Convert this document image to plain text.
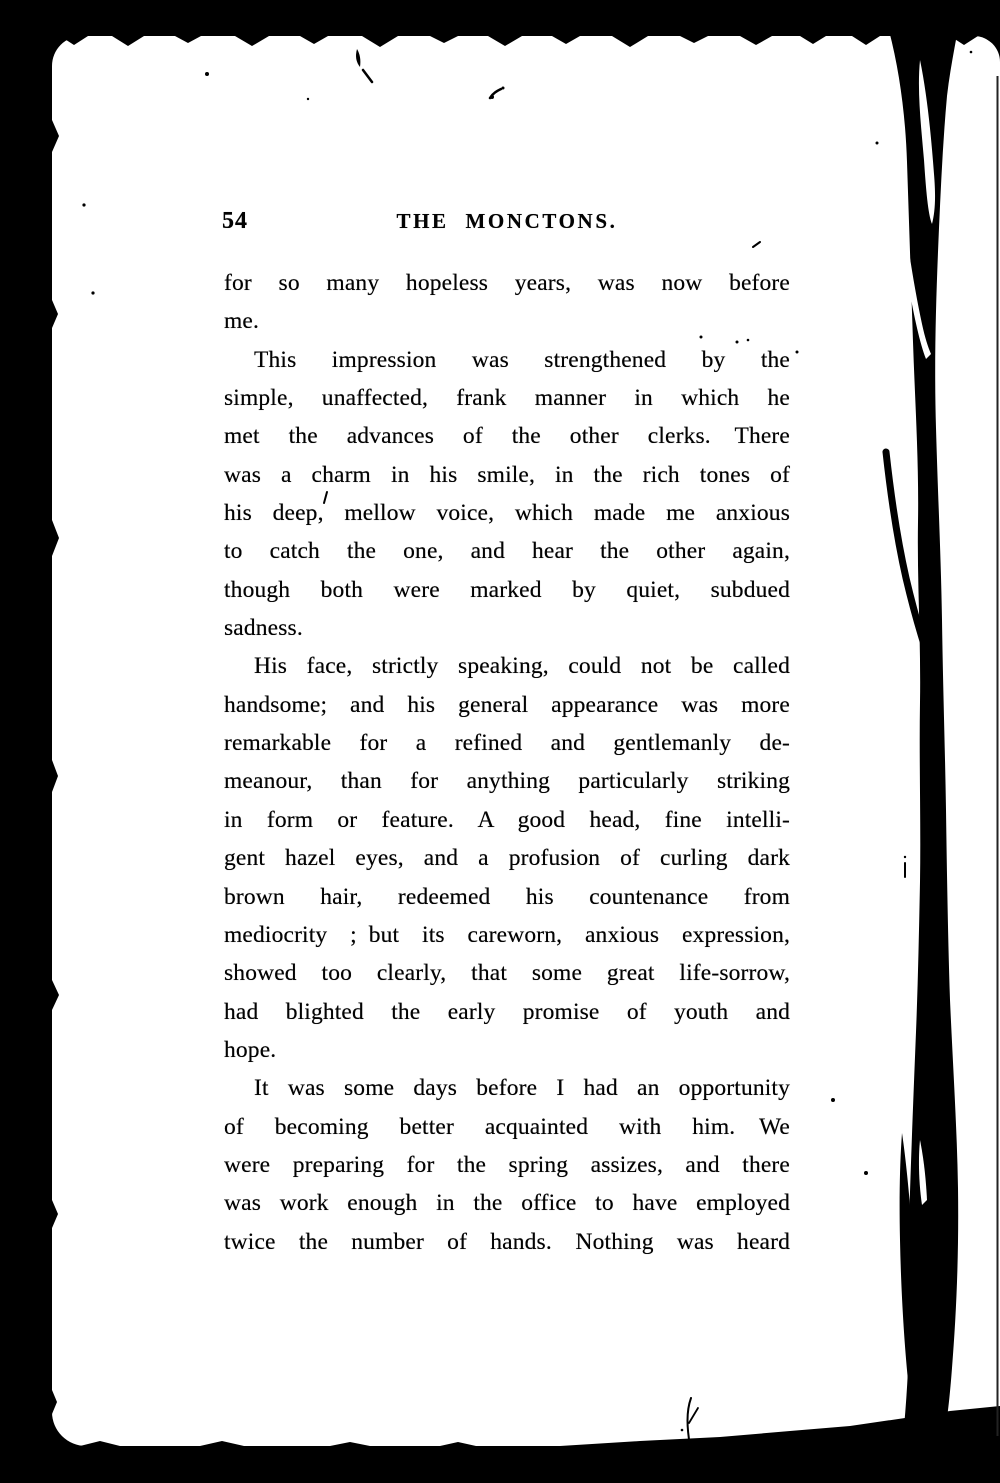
54	THE MONCTONS.
for so many hopeless years, was now before
me.
This impression was strengthened by the
simple, unaffected, frank manner in which he
met the advances of the other clerks. There
was a charm in his smile, in the rich tones of
his deep, mellow voice, which made me anxious
to catch the one, and hear the other again,
though both were marked by quiet, subdued
sadness.
His face, strictly speaking, could not be called
handsome; and his general appearance was more
remarkable for a refined and gentlemanly de-
meanour, than for anything particularly striking
in form or feature. A good head, fine intelli-
gent hazel eyes, and a profusion of curling dark
brown hair, redeemed his countenance from
mediocrity ; but its careworn, anxious expression,
showed too clearly, that some great life-sorrow,
had blighted the early promise of youth and
hope.
It was some days before I had an opportunity
of becoming better acquainted with him. We
were preparing for the spring assizes, and there
was work enough in the office to have employed
twice the number of hands. Nothing was heard
